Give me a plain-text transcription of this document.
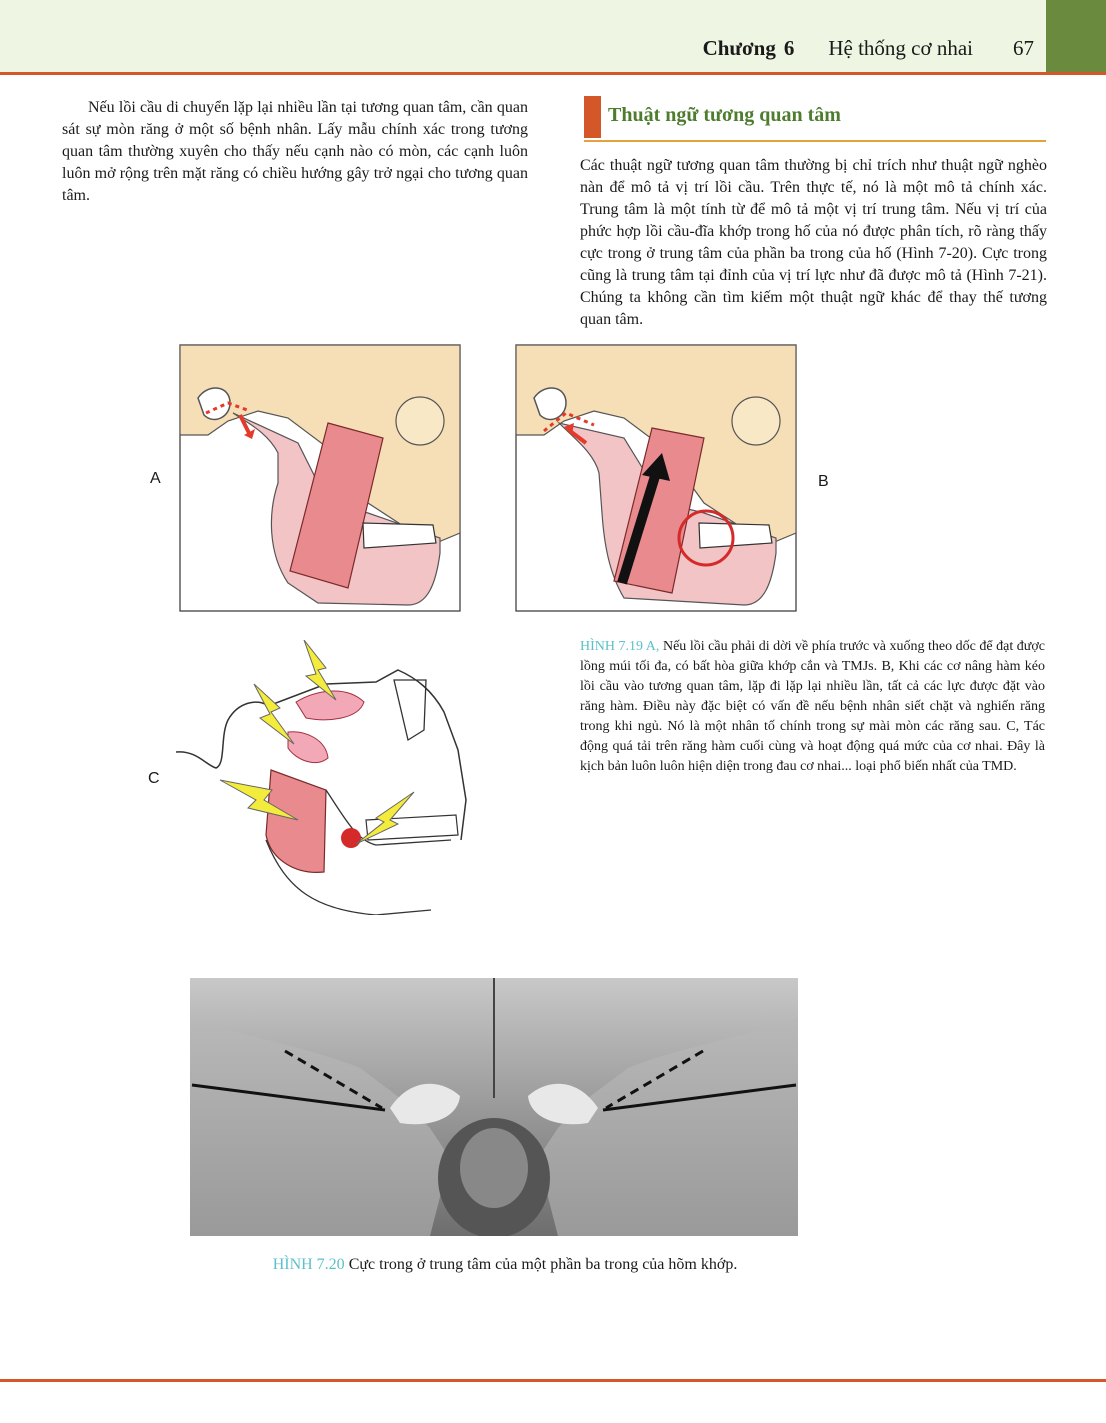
Chương 6 Hệ thống cơ nhai 67
Nếu lồi cầu di chuyển lặp lại nhiều lần tại tương quan tâm, cần quan sát sự mòn răng ở một số bệnh nhân. Lấy mẫu chính xác trong tương quan tâm thường xuyên cho thấy nếu cạnh nào có mòn, các cạnh luôn luôn mở rộng trên mặt răng có chiều hướng gây trở ngại cho tương quan tâm.
Thuật ngữ tương quan tâm
Các thuật ngữ tương quan tâm thường bị chỉ trích như thuật ngữ nghèo nàn để mô tả vị trí lồi cầu. Trên thực tế, nó là một mô tả chính xác. Trung tâm là một tính từ để mô tả một vị trí trung tâm. Nếu vị trí của phức hợp lồi cầu-đĩa khớp trong hố của nó được phân tích, rõ ràng thấy cực trong ở trung tâm của phần ba trong của hố (Hình 7-20). Cực trong cũng là trung tâm tại đỉnh của vị trí lực như đã được mô tả (Hình 7-21). Chúng ta không cần tìm kiếm một thuật ngữ khác để thay thế tương quan tâm.
A	B
C
HÌNH 7.19 A, Nếu lồi cầu phải di dời về phía trước và xuống theo dốc để đạt được lồng múi tối đa, có bất hòa giữa khớp cắn và TMJs. B, Khi các cơ nâng hàm kéo lồi cầu vào tương quan tâm, lặp đi lặp lại nhiều lần, tất cả các lực được đặt vào răng hàm. Điều này đặc biệt có vấn đề nếu bệnh nhân siết chặt và nghiến răng trong khi ngủ. Nó là một nhân tố chính trong sự mài mòn các răng sau. C, Tác động quá tải trên răng hàm cuối cùng và hoạt động quá mức của cơ nhai. Đây là kịch bản luôn luôn hiện diện trong đau cơ nhai... loại phổ biến nhất của TMD.
HÌNH 7.20 Cực trong ở trung tâm của một phần ba trong của hõm khớp.
